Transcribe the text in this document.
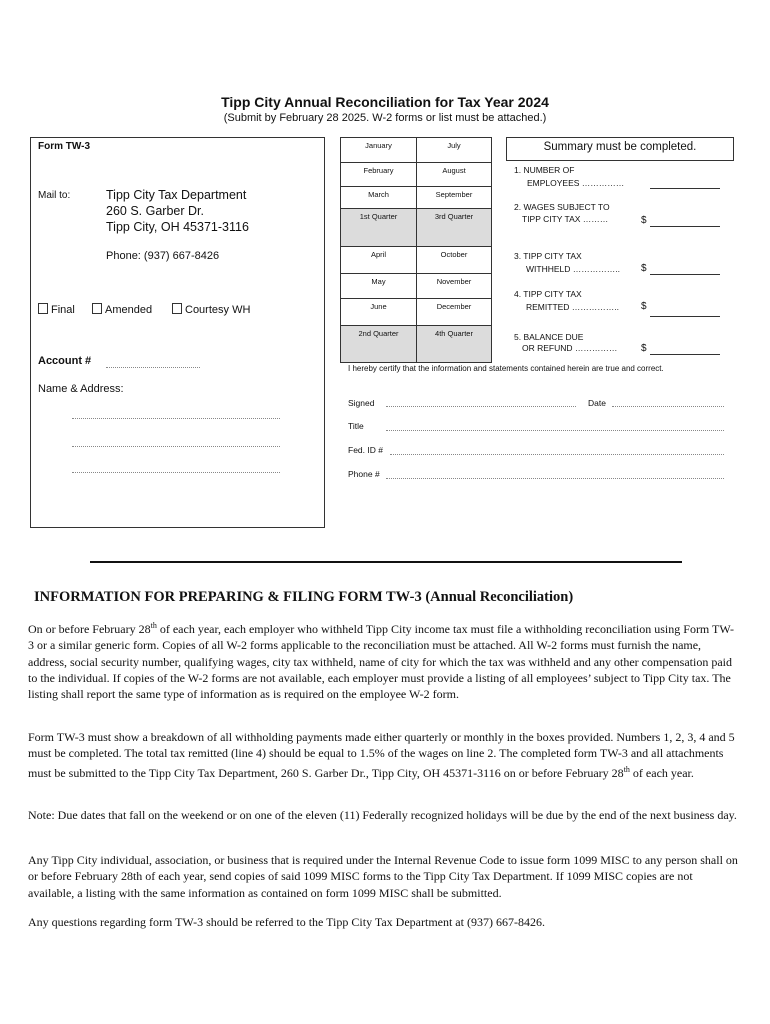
Tipp City Annual Reconciliation for Tax Year 2024
(Submit by February 28 2025. W-2 forms or list must be attached.)
Form TW-3
Mail to:	Tipp City Tax Department
260 S. Garber Dr.
Tipp City, OH 45371-3116
Phone: (937) 667-8426
Final	Amended	Courtesy WH
Account #
Name & Address:
January	July
February	August
March	September
1st Quarter	3rd Quarter
April	October
May	November
June	December
2nd Quarter	4th Quarter
Summary must be completed.
1. NUMBER OF
EMPLOYEES ……………
2. WAGES SUBJECT TO
TIPP CITY TAX ………	$
3. TIPP CITY TAX
WITHHELD …………….. $
4. TIPP CITY TAX
REMITTED …………….. $
5. BALANCE DUE
OR REFUND …………… $
I hereby certify that the information and statements contained herein are true and correct.
Signed	Date
Title
Fed. ID #
Phone #
INFORMATION FOR PREPARING & FILING FORM TW-3 (Annual Reconciliation)

On or before February 28th of each year, each employer who withheld Tipp City income tax must file a withholding reconciliation using Form TW-3 or a similar generic form. Copies of all W-2 forms applicable to the reconciliation must be attached. All W-2 forms must furnish the name, address, social security number, qualifying wages, city tax withheld, name of city for which the tax was withheld and any other compensation paid to the individual. If copies of the W-2 forms are not available, each employer must provide a listing of all employees’ subject to Tipp City tax. The listing shall report the same type of information as is required on the employee W-2 form.

Form TW-3 must show a breakdown of all withholding payments made either quarterly or monthly in the boxes provided. Numbers 1, 2, 3, 4 and 5 must be completed. The total tax remitted (line 4) should be equal to 1.5% of the wages on line 2. The completed form TW-3 and all attachments must be submitted to the Tipp City Tax Department, 260 S. Garber Dr., Tipp City, OH 45371-3116 on or before February 28th of each year.

Note: Due dates that fall on the weekend or on one of the eleven (11) Federally recognized holidays will be due by the end of the next business day.
Any Tipp City individual, association, or business that is required under the Internal Revenue Code to issue form 1099 MISC to any person shall on or before February 28th of each year, send copies of said 1099 MISC forms to the Tipp City Tax Department. If 1099 MISC copies are not available, a listing with the same information as contained on form 1099 MISC shall be submitted.
Any questions regarding form TW-3 should be referred to the Tipp City Tax Department at (937) 667-8426.
